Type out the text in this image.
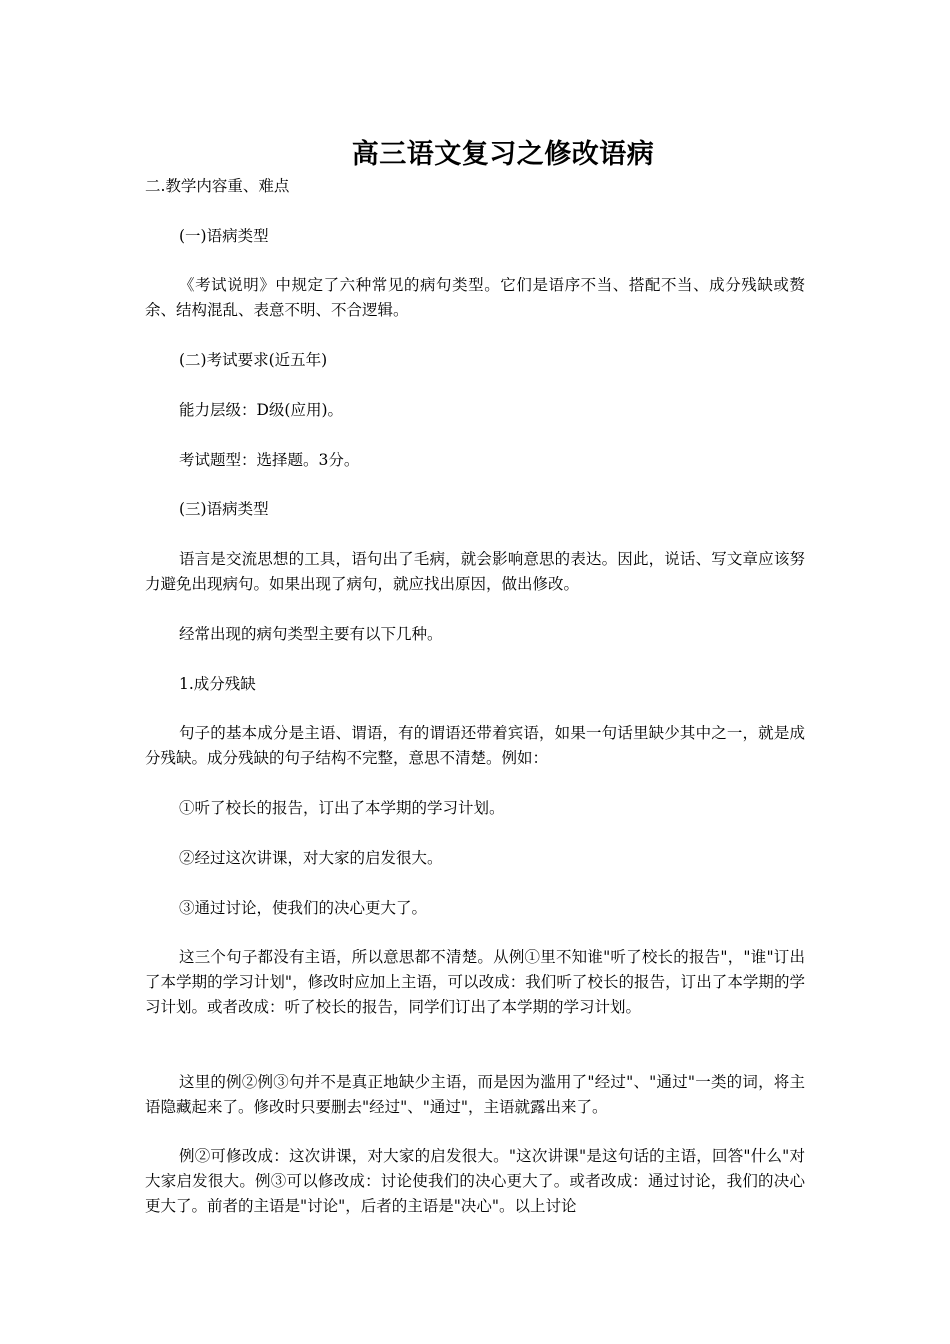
高三语文复习之修改语病

二.教学内容重、难点

(一)语病类型

《考试说明》中规定了六种常见的病句类型。它们是语序不当、搭配不当、成分残缺或赘余、结构混乱、表意不明、不合逻辑。

(二)考试要求(近五年)

能力层级：D级(应用)。

考试题型：选择题。3分。

(三)语病类型

语言是交流思想的工具，语句出了毛病，就会影响意思的表达。因此，说话、写文章应该努力避免出现病句。如果出现了病句，就应找出原因，做出修改。

经常出现的病句类型主要有以下几种。

1.成分残缺

句子的基本成分是主语、谓语，有的谓语还带着宾语，如果一句话里缺少其中之一，就是成分残缺。成分残缺的句子结构不完整，意思不清楚。例如：

①听了校长的报告，订出了本学期的学习计划。

②经过这次讲课，对大家的启发很大。

③通过讨论，使我们的决心更大了。

这三个句子都没有主语，所以意思都不清楚。从例①里不知谁"听了校长的报告"，"谁"订出了本学期的学习计划"，修改时应加上主语，可以改成：我们听了校长的报告，订出了本学期的学习计划。或者改成：听了校长的报告，同学们订出了本学期的学习计划。

这里的例②例③句并不是真正地缺少主语，而是因为滥用了"经过"、"通过"一类的词，将主语隐藏起来了。修改时只要删去"经过"、"通过"，主语就露出来了。

例②可修改成：这次讲课，对大家的启发很大。"这次讲课"是这句话的主语，回答"什么"对大家启发很大。例③可以修改成：讨论使我们的决心更大了。或者改成：通过讨论，我们的决心更大了。前者的主语是"讨论"，后者的主语是"决心"。以上讨论
